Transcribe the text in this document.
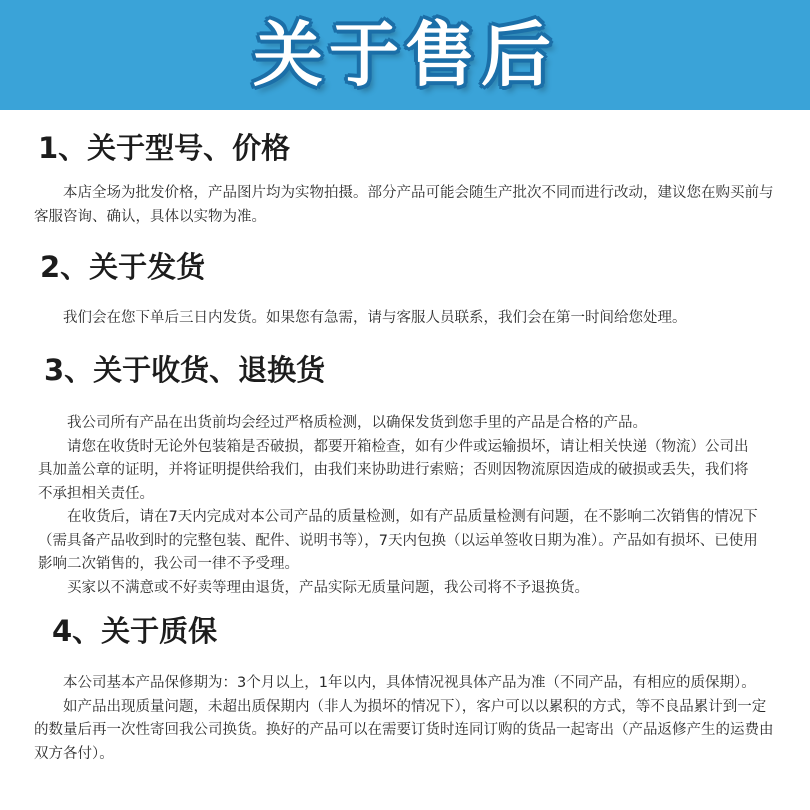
关于售后
1、关于型号、价格

本店全场为批发价格，产品图片均为实物拍摄。部分产品可能会随生产批次不同而进行改动，建议您在购买前与客服咨询、确认，具体以实物为准。

2、关于发货

我们会在您下单后三日内发货。如果您有急需，请与客服人员联系，我们会在第一时间给您处理。

3、关于收货、退换货

我公司所有产品在出货前均会经过严格质检测，以确保发货到您手里的产品是合格的产品。

请您在收货时无论外包装箱是否破损，都要开箱检查，如有少件或运输损坏，请让相关快递（物流）公司出具加盖公章的证明，并将证明提供给我们，由我们来协助进行索赔；否则因物流原因造成的破损或丢失，我们将不承担相关责任。

在收货后，请在7天内完成对本公司产品的质量检测，如有产品质量检测有问题，在不影响二次销售的情况下（需具备产品收到时的完整包装、配件、说明书等），7天内包换（以运单签收日期为准）。产品如有损坏、已使用影响二次销售的，我公司一律不予受理。

买家以不满意或不好卖等理由退货，产品实际无质量问题，我公司将不予退换货。

4、关于质保

本公司基本产品保修期为：3个月以上，1年以内，具体情况视具体产品为准（不同产品，有相应的质保期）。

如产品出现质量问题，未超出质保期内（非人为损坏的情况下），客户可以以累积的方式，等不良品累计到一定的数量后再一次性寄回我公司换货。换好的产品可以在需要订货时连同订购的货品一起寄出（产品返修产生的运费由双方各付）。
